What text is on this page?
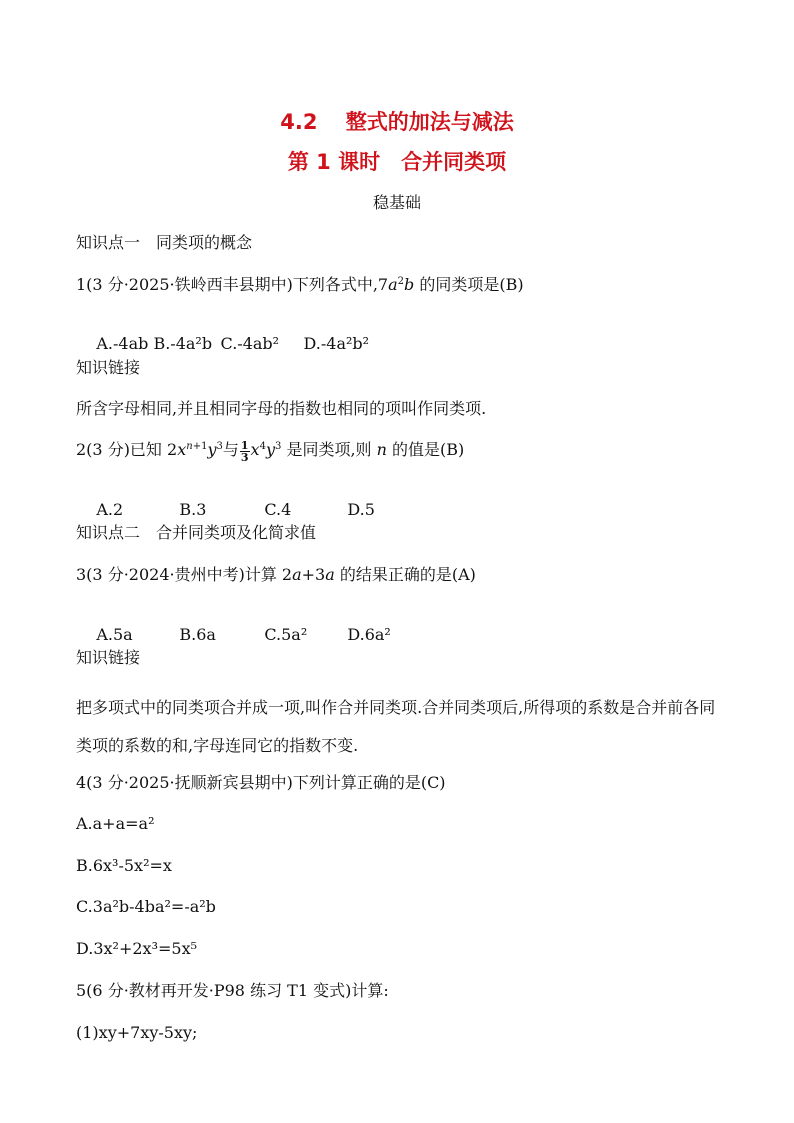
4.2　 整式的加法与减法
第 1 课时　合并同类项
稳基础
知识点一　同类项的概念
1(3 分·2025·铁岭西丰县期中)下列各式中$,7a^2b$ 的同类项是(B)

A.-4ab B.-4a²b C.-4ab² D.-4a²b²

知识链接
所含字母相同,并且相同字母的指数也相同的项叫作同类项.
2(3 分)已知 $2x^{n+1}y^3$与 $\frac{1}{3} x^4y^3$ 是同类项,则 n 的值是(B)

A.2	B.3	C.4	D.5

知识点二　合并同类项及化简求值
3(3 分·2024·贵州中考)计算 2a+3a 的结果正确的是(A)

A.5a	B.6a	C.5a²	D.6a²

知识链接
把多项式中的同类项合并成一项,叫作合并同类项.合并同类项后,所得项的系数是合并前各同类项的系数的和,字母连同它的指数不变.
4(3 分·2025·抚顺新宾县期中)下列计算正确的是(C)
A.a+a=a²
B.6x³-5x²=x
C.3a²b-4ba²=-a²b
D.3x²+2x³=5x⁵
5(6 分·教材再开发·P98 练习 T1 变式)计算:
(1)xy+7xy-5xy;
